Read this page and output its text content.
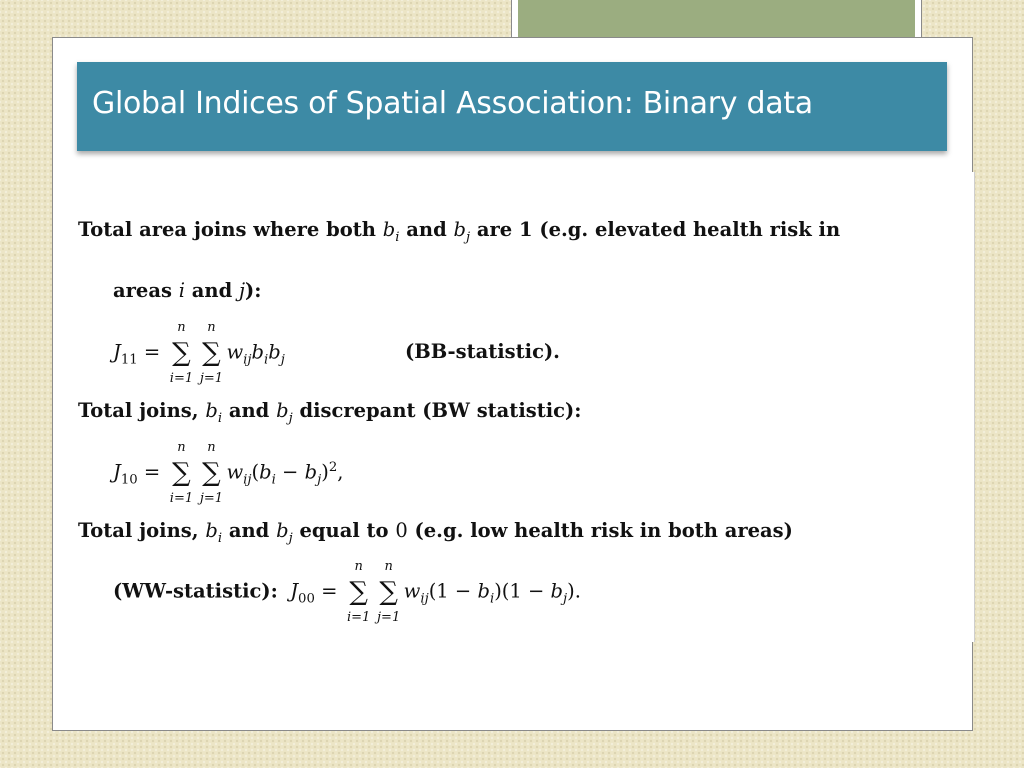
Global Indices of Spatial Association: Binary data
Total area joins where both $b_i$ and $b_j$ are 1 (e.g. elevated health risk in
areas i and j):
$J_{11}$ =
n
∑
i=1
n
∑
j=1
$w_{ij}b_ib_j$	(BB-statistic).
Total joins, $b_i$ and $b_j$ discrepant (BW statistic):
$J_{10}$ =
n
∑
i=1
n
∑
j=1
$w_{ij}(b_i - b_j)^2$,
Total joins, $b_i$ and $b_j$ equal to 0 (e.g. low health risk in both areas)
(WW-statistic): $J_{00}$ =
n
∑
i=1
n
∑
j=1
$w_{ij}(1 - b_i)(1 - b_j)$.
